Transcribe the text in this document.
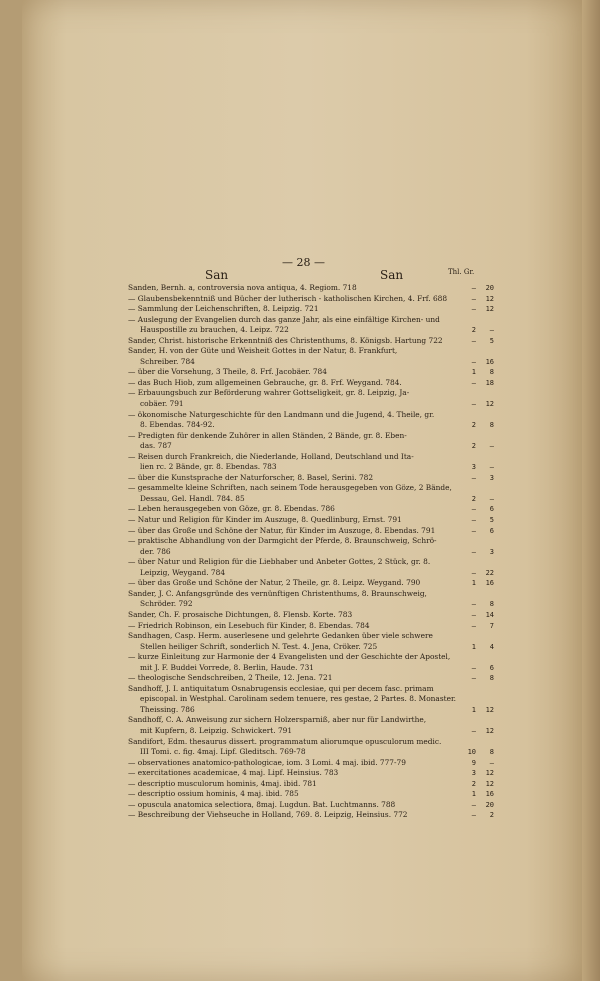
— 28 —
San	San	Thl. Gr.
Sanden, Bernh. a, controversia nova antiqua, 4. Regiom. 718	—	20
— Glaubensbekenntniß und Bücher der lutherisch - katholischen Kirchen, 4. Frf. 688	—	12
— Sammlung der Leichenschriften, 8. Leipzig. 721	—	12
— Auslegung der Evangelien durch das ganze Jahr, als eine einfältige Kirchen- und
Hauspostille zu brauchen, 4. Leipz. 722	2	—
Sander, Christ. historische Erkenntniß des Christenthums, 8. Königsb. Hartung 722	—	5
Sander, H. von der Güte und Weisheit Gottes in der Natur, 8. Frankfurt,
Schreiber. 784	—	16
— über die Vorsehung, 3 Theile, 8. Frf. Jacobäer. 784	1	8
— das Buch Hiob, zum allgemeinen Gebrauche, gr. 8. Frf. Weygand. 784.	—	18
— Erbauungsbuch zur Beförderung wahrer Gottseligkeit, gr. 8. Leipzig, Ja-
cobäer. 791	—	12
— ökonomische Naturgeschichte für den Landmann und die Jugend, 4. Theile, gr.
8. Ebendas. 784-92.	2	8
— Predigten für denkende Zuhörer in allen Ständen, 2 Bände, gr. 8. Eben-
das. 787	2	—
— Reisen durch Frankreich, die Niederlande, Holland, Deutschland und Ita-
lien rc. 2 Bände, gr. 8. Ebendas. 783	3	—
— über die Kunstsprache der Naturforscher, 8. Basel, Serini. 782	—	3
— gesammelte kleine Schriften, nach seinem Tode herausgegeben von Göze, 2 Bände,
Dessau, Gel. Handl. 784. 85	2	—
— Leben herausgegeben von Göze, gr. 8. Ebendas. 786	—	6
— Natur und Religion für Kinder im Auszuge, 8. Quedlinburg, Ernst. 791	—	5
— über das Große und Schöne der Natur, für Kinder im Auszuge, 8. Ebendas. 791	—	6
— praktische Abhandlung von der Darmgicht der Pferde, 8. Braunschweig, Schrö-
der. 786	—	3
— über Natur und Religion für die Liebhaber und Anbeter Gottes, 2 Stück, gr. 8.
Leipzig, Weygand. 784	—	22
— über das Große und Schöne der Natur, 2 Theile, gr. 8. Leipz. Weygand. 790	1	16
Sander, J. C. Anfangsgründe des vernünftigen Christenthums, 8. Braunschweig,
Schröder. 792	—	8
Sander, Ch. F. prosaische Dichtungen, 8. Flensb. Korte. 783	—	14
— Friedrich Robinson, ein Lesebuch für Kinder, 8. Ebendas. 784	—	7
Sandhagen, Casp. Herm. auserlesene und gelehrte Gedanken über viele schwere
Stellen heiliger Schrift, sonderlich N. Test. 4. Jena, Cröker. 725	1	4
— kurze Einleitung zur Harmonie der 4 Evangelisten und der Geschichte der Apostel,
mit J. F. Buddei Vorrede, 8. Berlin, Haude. 731	—	6
— theologische Sendschreiben, 2 Theile, 12. Jena. 721	—	8
Sandhoff, J. I. antiquitatum Osnabrugensis ecclesiae, qui per decem fasc. primam
episcopal. in Westphal. Carolinam sedem tenuere, res gestae, 2 Partes. 8. Monaster.
Theissing. 786	1	12
Sandhoff, C. A. Anweisung zur sichern Holzersparniß, aber nur für Landwirthe,
mit Kupfern, 8. Leipzig. Schwickert. 791	—	12
Sandifort, Edm. thesaurus dissert. programmatum aliorumque opusculorum medic.
III Tomi. c. fig. 4maj. Lipf. Gleditsch. 769-78	10	8
— observationes anatomico-pathologicae, iom. 3 Lomi. 4 maj. ibid. 777-79	9	—
— exercitationes academicae, 4 maj. Lipf. Heinsius. 783	3	12
— descriptio musculorum hominis, 4maj. ibid. 781	2	12
— descriptio ossium hominis, 4 maj. ibid. 785	1	16
— opuscula anatomica selectiora, 8maj. Lugdun. Bat. Luchtmanns. 788	—	20
— Beschreibung der Viehseuche in Holland, 769. 8. Leipzig, Heinsius. 772	—	2
